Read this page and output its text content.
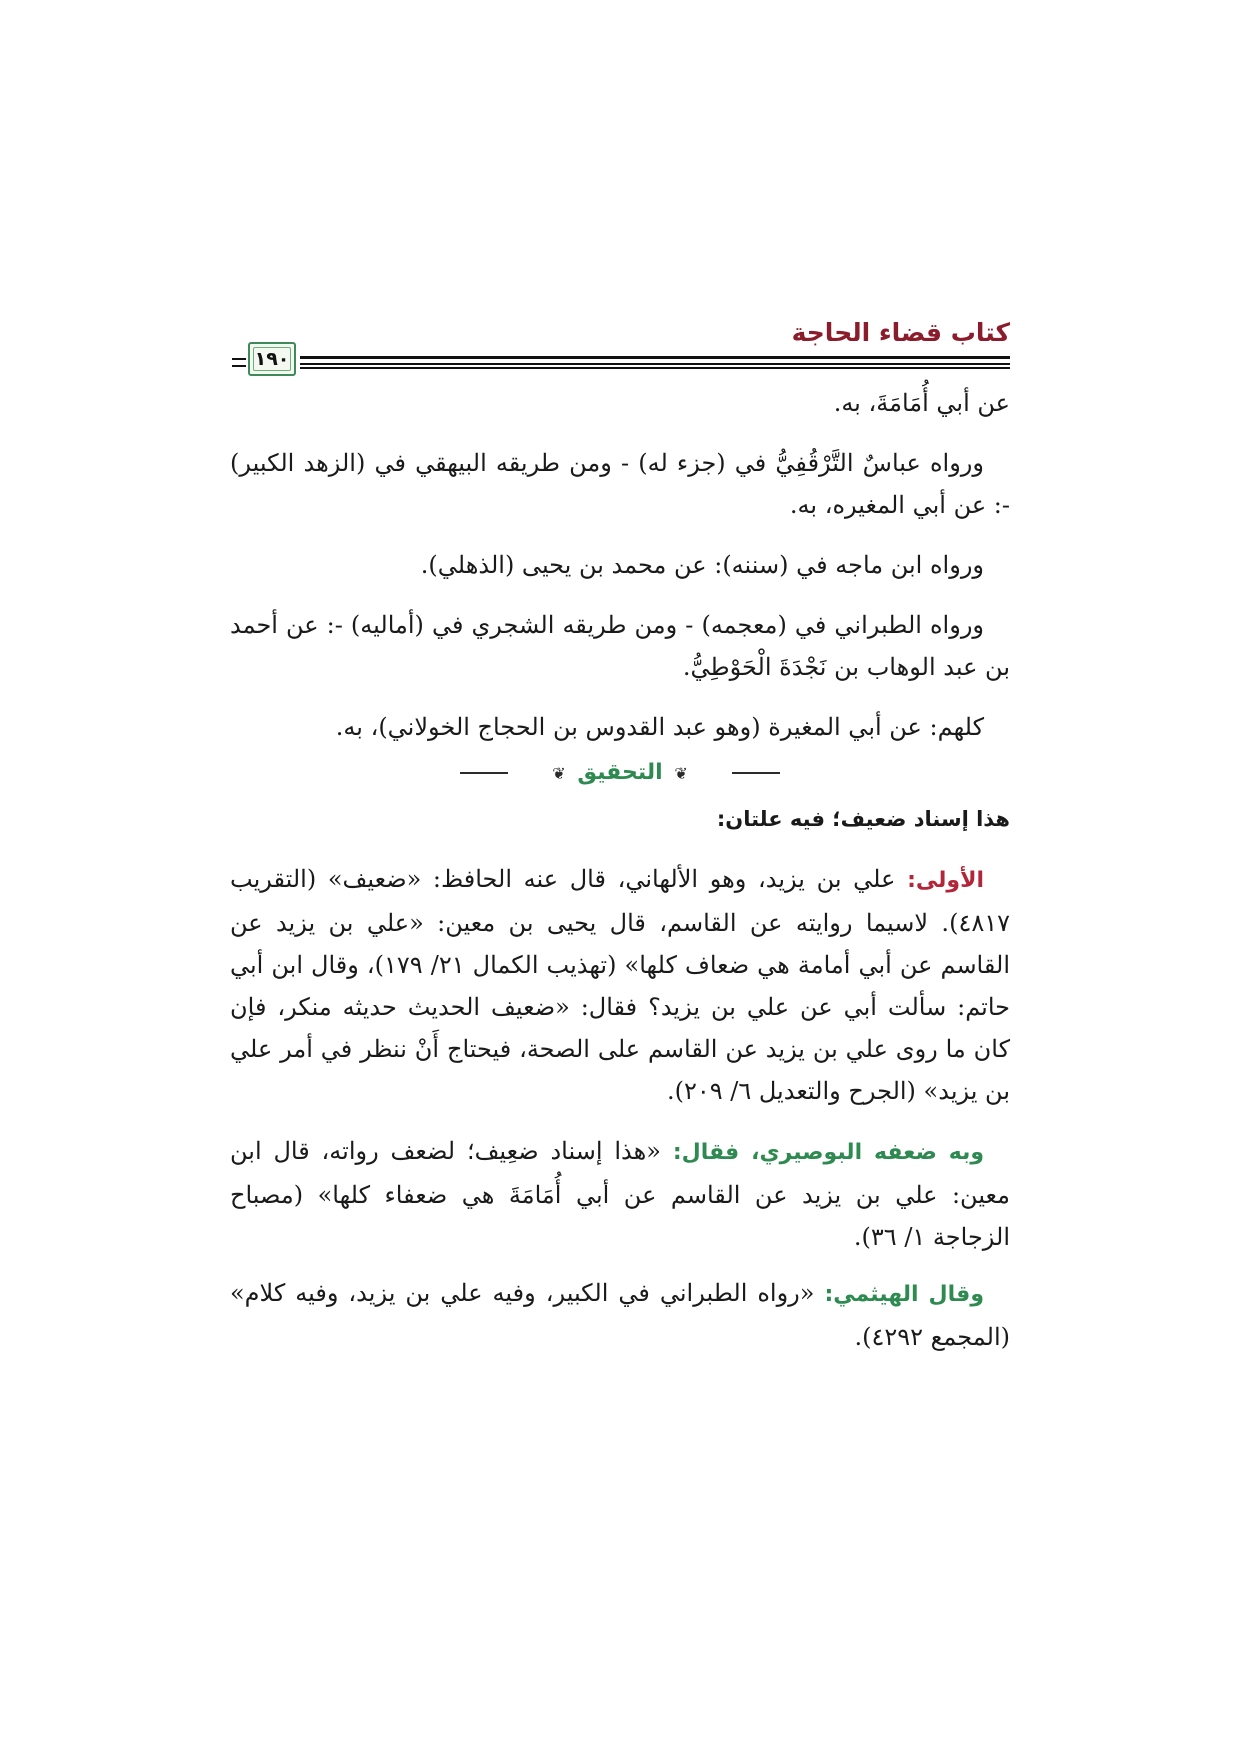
كتاب قضاء الحاجة
١٩٠

عن أبي أُمَامَةَ، به.

ورواه عباسٌ التَّرْقُفِيُّ في (جزء له) - ومن طريقه البيهقي في (الزهد الكبير) -: عن أبي المغيره، به.

ورواه ابن ماجه في (سننه): عن محمد بن يحيى (الذهلي).

ورواه الطبراني في (معجمه) - ومن طريقه الشجري في (أماليه) -: عن أحمد بن عبد الوهاب بن نَجْدَةَ الْحَوْطِيُّ.

كلهم: عن أبي المغيرة (وهو عبد القدوس بن الحجاج الخولاني)، به.

❦ التحقيق ❦

هذا إسناد ضعيف؛ فيه علتان:

الأولى: علي بن يزيد، وهو الألهاني، قال عنه الحافظ: «ضعيف» (التقريب ٤٨١٧). لاسيما روايته عن القاسم، قال يحيى بن معين: «علي بن يزيد عن القاسم عن أبي أمامة هي ضعاف كلها» (تهذيب الكمال ٢١/ ١٧٩)، وقال ابن أبي حاتم: سألت أبي عن علي بن يزيد؟ فقال: «ضعيف الحديث حديثه منكر، فإن كان ما روى علي بن يزيد عن القاسم على الصحة، فيحتاج أَنْ ننظر في أمر علي بن يزيد» (الجرح والتعديل ٦/ ٢٠٩).

وبه ضعفه البوصيري، فقال: «هذا إسناد ضعِيف؛ لضعف رواته، قال ابن معين: علي بن يزيد عن القاسم عن أبي أُمَامَةَ هي ضعفاء كلها» (مصباح الزجاجة ١/ ٣٦).

وقال الهيثمي: «رواه الطبراني في الكبير، وفيه علي بن يزيد، وفيه كلام» (المجمع ٤٢٩٢).
